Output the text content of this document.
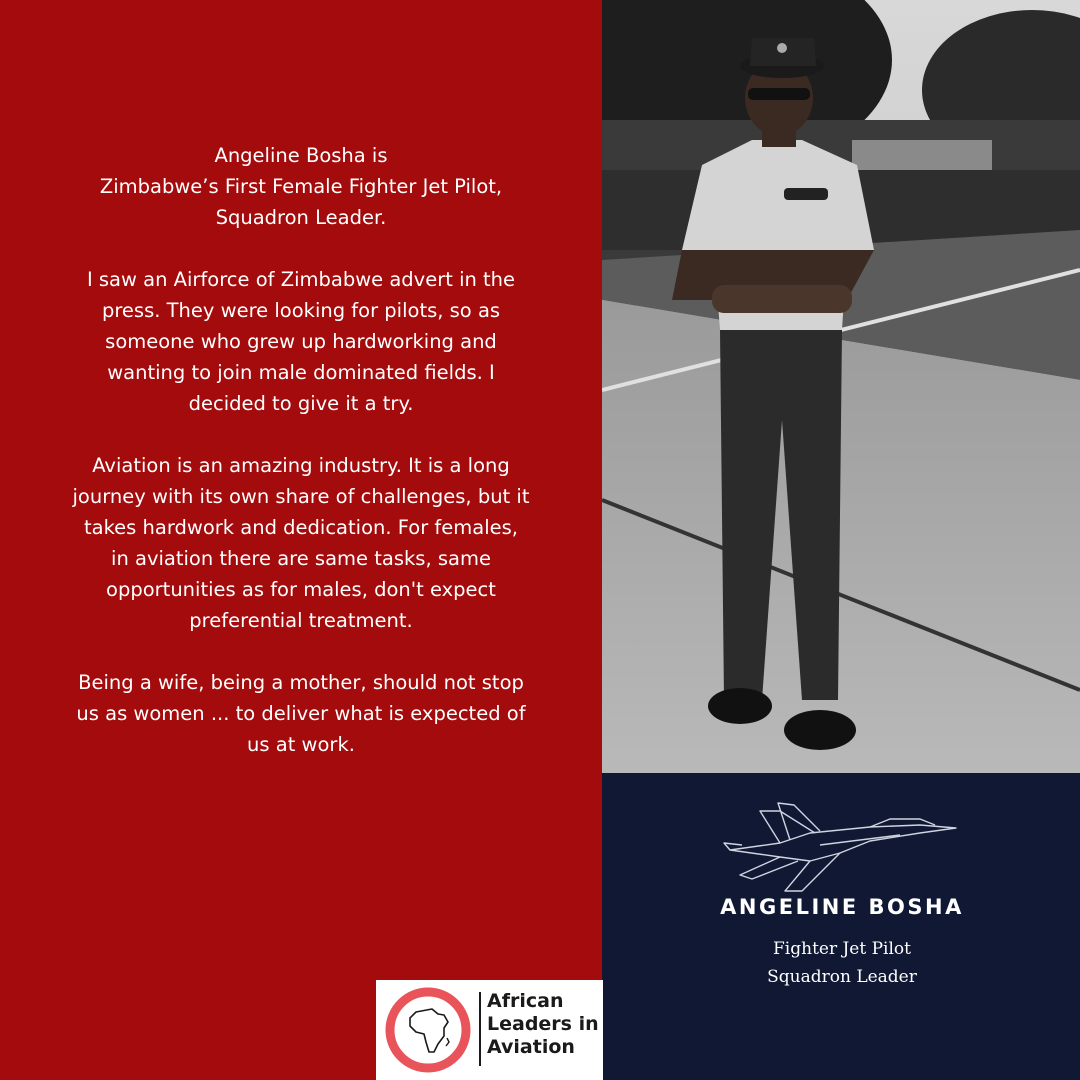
Angeline Bosha is
Zimbabwe’s First Female Fighter Jet Pilot,
Squadron Leader.

I saw an Airforce of Zimbabwe advert in the
press. They were looking for pilots, so as
someone who grew up hardworking and
wanting to join male dominated fields. I
decided to give it a try.

Aviation is an amazing industry. It is a long
journey with its own share of challenges, but it
takes hardwork and dedication. For females,
in aviation there are same tasks, same
opportunities as for males, don't expect
preferential treatment.

Being a wife, being a mother, should not stop
us as women ... to deliver what is expected of
us at work.

ANGELINE BOSHA
Fighter Jet Pilot
Squadron Leader
African
Leaders in
Aviation
